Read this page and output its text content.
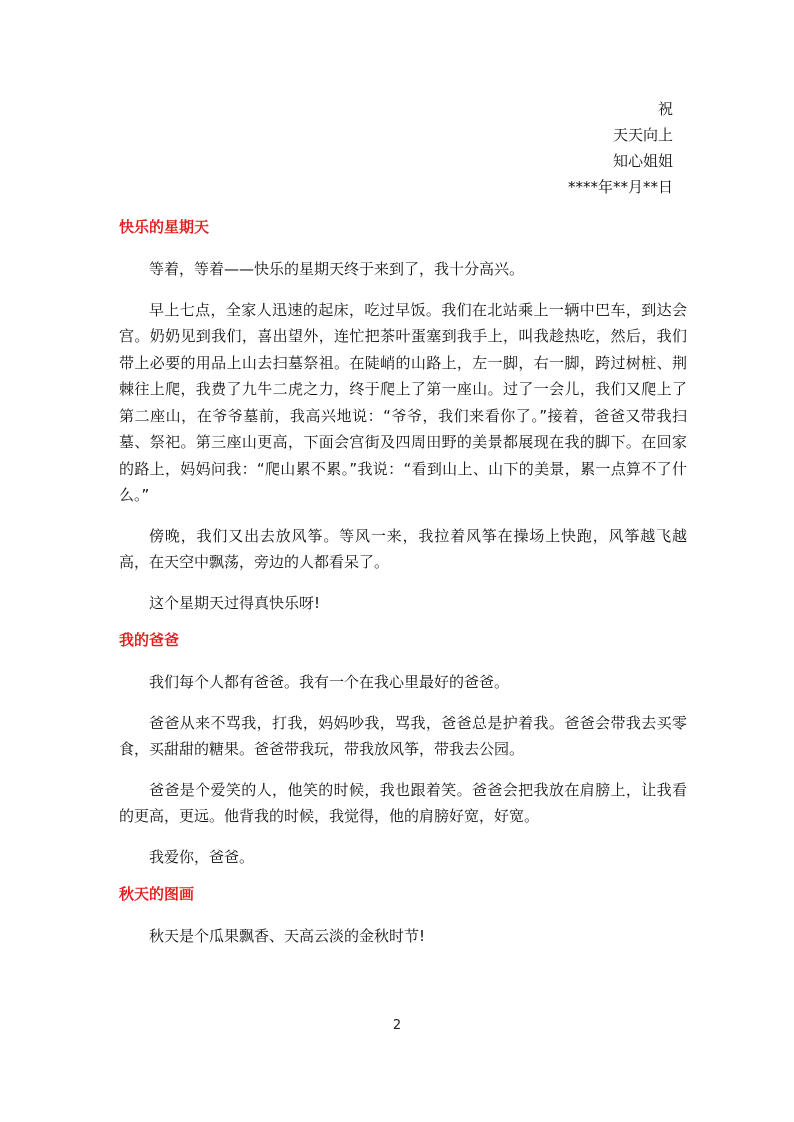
祝
天天向上
知心姐姐
****年**月**日

快乐的星期天

等着，等着——快乐的星期天终于来到了，我十分高兴。

早上七点，全家人迅速的起床，吃过早饭。我们在北站乘上一辆中巴车，到达会宫。奶奶见到我们，喜出望外，连忙把茶叶蛋塞到我手上，叫我趁热吃，然后，我们带上必要的用品上山去扫墓祭祖。在陡峭的山路上，左一脚，右一脚，跨过树桩、荆棘往上爬，我费了九牛二虎之力，终于爬上了第一座山。过了一会儿，我们又爬上了第二座山，在爷爷墓前，我高兴地说：“爷爷，我们来看你了。”接着，爸爸又带我扫墓、祭祀。第三座山更高，下面会宫街及四周田野的美景都展现在我的脚下。在回家的路上，妈妈问我：“爬山累不累。”我说：“看到山上、山下的美景，累一点算不了什么。”

傍晚，我们又出去放风筝。等风一来，我拉着风筝在操场上快跑，风筝越飞越高，在天空中飘荡，旁边的人都看呆了。

这个星期天过得真快乐呀!

我的爸爸

我们每个人都有爸爸。我有一个在我心里最好的爸爸。

爸爸从来不骂我，打我，妈妈吵我，骂我，爸爸总是护着我。爸爸会带我去买零食，买甜甜的糖果。爸爸带我玩，带我放风筝，带我去公园。

爸爸是个爱笑的人，他笑的时候，我也跟着笑。爸爸会把我放在肩膀上，让我看的更高，更远。他背我的时候，我觉得，他的肩膀好宽，好宽。

我爱你，爸爸。

秋天的图画

秋天是个瓜果飘香、天高云淡的金秋时节!

2
